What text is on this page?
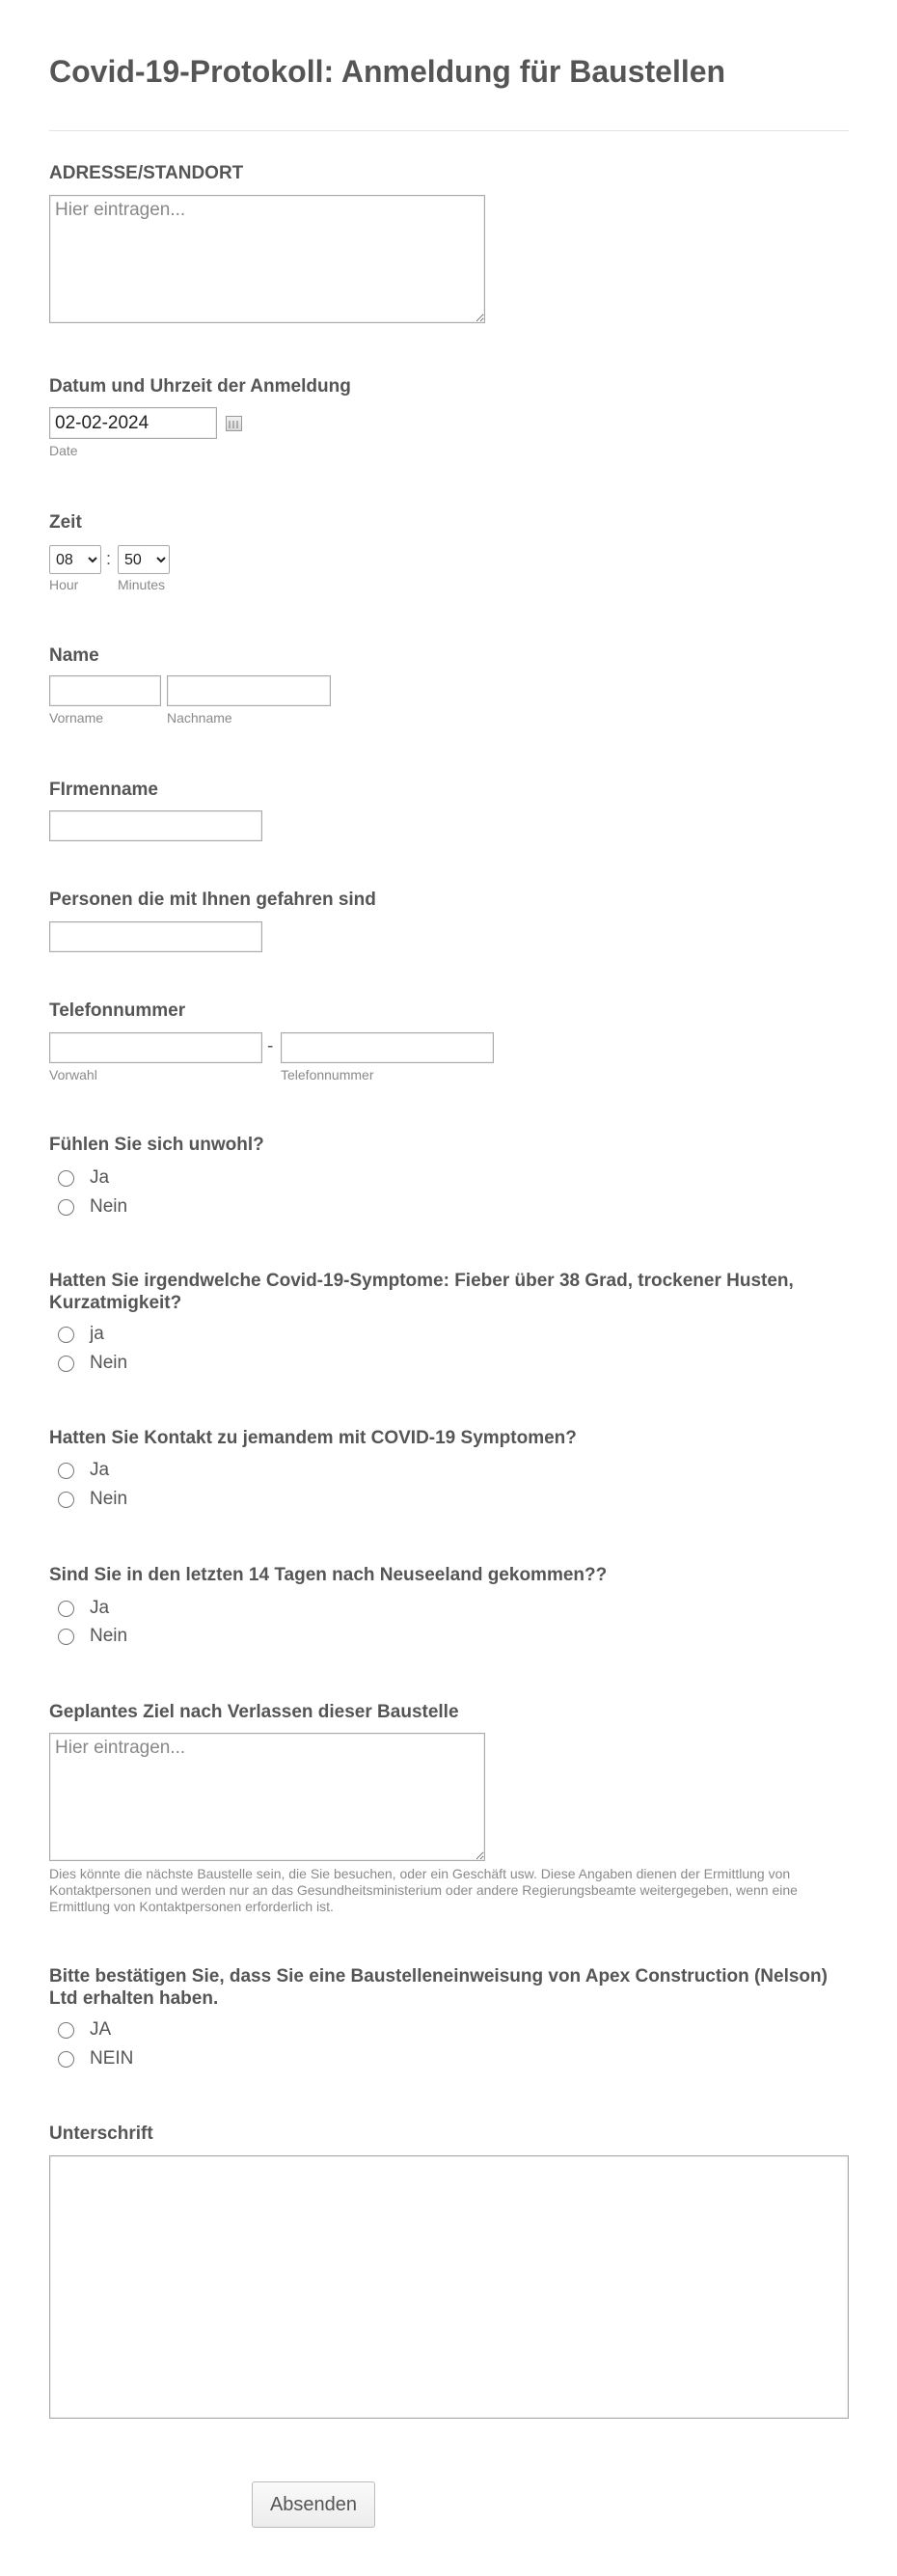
Covid-19-Protokoll: Anmeldung für Baustellen
ADRESSE/STANDORT
Hier eintragen...
Datum und Uhrzeit der Anmeldung
02-02-2024
Date
Zeit
08
:
50
Hour	Minutes
Name
Vorname	Nachname
FIrmenname
Personen die mit Ihnen gefahren sind
Telefonnummer
-
Vorwahl	Telefonnummer
Fühlen Sie sich unwohl?
Ja
Nein
Hatten Sie irgendwelche Covid-19-Symptome: Fieber über 38 Grad, trockener Husten, Kurzatmigkeit?
ja
Nein
Hatten Sie Kontakt zu jemandem mit COVID-19 Symptomen?
Ja
Nein
Sind Sie in den letzten 14 Tagen nach Neuseeland gekommen??
Ja
Nein
Geplantes Ziel nach Verlassen dieser Baustelle
Hier eintragen...
Dies könnte die nächste Baustelle sein, die Sie besuchen, oder ein Geschäft usw. Diese Angaben dienen der Ermittlung von Kontaktpersonen und werden nur an das Gesundheitsministerium oder andere Regierungsbeamte weitergegeben, wenn eine Ermittlung von Kontaktpersonen erforderlich ist.
Bitte bestätigen Sie, dass Sie eine Baustelleneinweisung von Apex Construction (Nelson) Ltd erhalten haben.
JA
NEIN
Unterschrift
Absenden
